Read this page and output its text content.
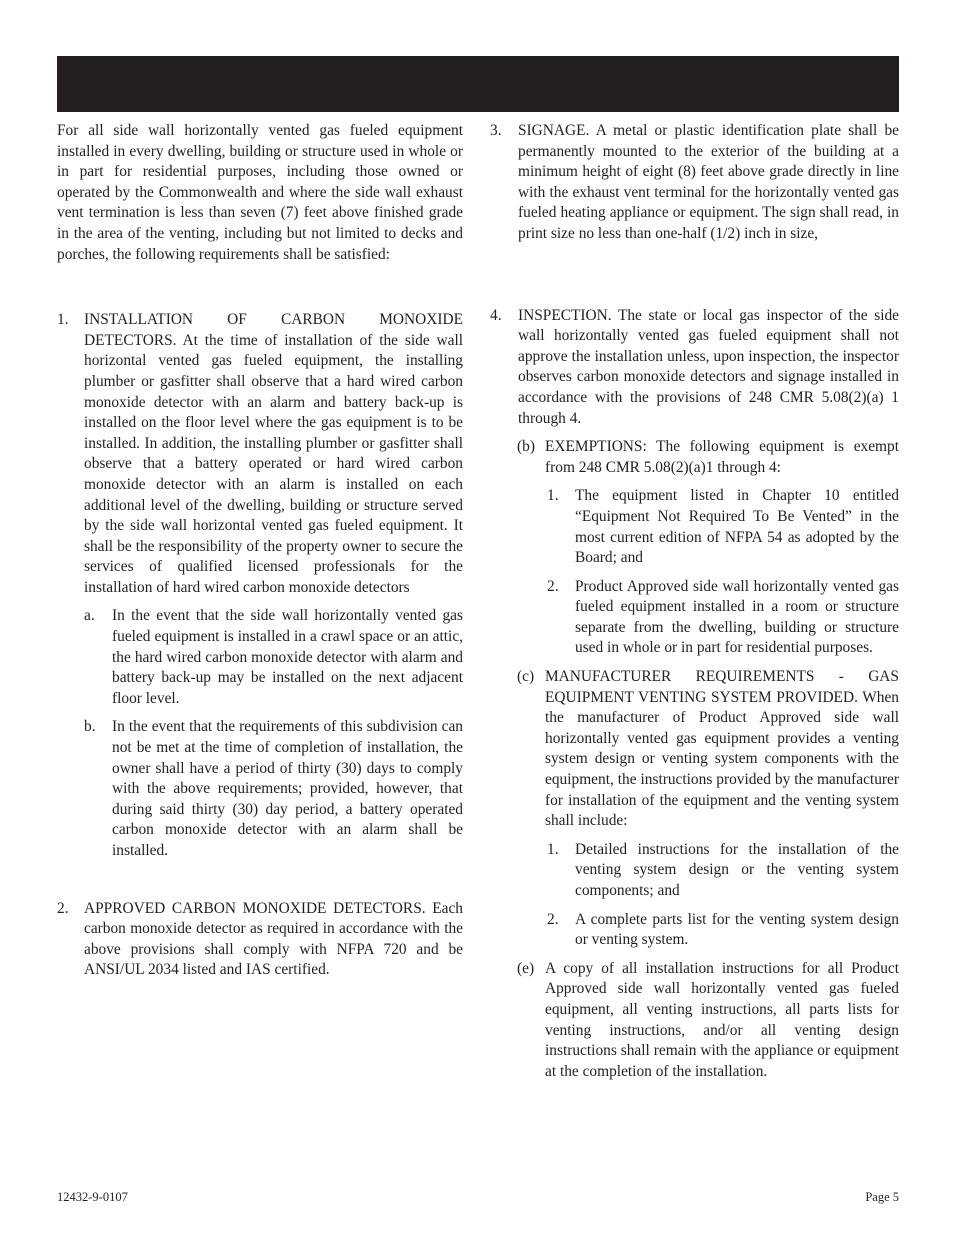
For all side wall horizontally vented gas fueled equipment installed in every dwelling, building or structure used in whole or in part for residential purposes, including those owned or operated by the Commonwealth and where the side wall exhaust vent termination is less than seven (7) feet above finished grade in the area of the venting, including but not limited to decks and porches, the following requirements shall be satisfied:

1. INSTALLATION OF CARBON MONOXIDE DETECTORS. At the time of installation of the side wall horizontal vented gas fueled equipment, the installing plumber or gasfitter shall observe that a hard wired carbon monoxide detector with an alarm and battery back-up is installed on the floor level where the gas equipment is to be installed. In addition, the installing plumber or gasfitter shall observe that a battery operated or hard wired carbon monoxide detector with an alarm is installed on each additional level of the dwelling, building or structure served by the side wall horizontal vented gas fueled equipment. It shall be the responsibility of the property owner to secure the services of qualified licensed professionals for the installation of hard wired carbon monoxide detectors

a. In the event that the side wall horizontally vented gas fueled equipment is installed in a crawl space or an attic, the hard wired carbon monoxide detector with alarm and battery back-up may be installed on the next adjacent floor level.

b. In the event that the requirements of this subdivision can not be met at the time of completion of installation, the owner shall have a period of thirty (30) days to comply with the above requirements; provided, however, that during said thirty (30) day period, a battery operated carbon monoxide detector with an alarm shall be installed.

2. APPROVED CARBON MONOXIDE DETECTORS. Each carbon monoxide detector as required in accordance with the above provisions shall comply with NFPA 720 and be ANSI/UL 2034 listed and IAS certified.

3. SIGNAGE. A metal or plastic identification plate shall be permanently mounted to the exterior of the building at a minimum height of eight (8) feet above grade directly in line with the exhaust vent terminal for the horizontally vented gas fueled heating appliance or equipment. The sign shall read, in print size no less than one-half (1/2) inch in size,

4. INSPECTION. The state or local gas inspector of the side wall horizontally vented gas fueled equipment shall not approve the installation unless, upon inspection, the inspector observes carbon monoxide detectors and signage installed in accordance with the provisions of 248 CMR 5.08(2)(a) 1 through 4.

(b) EXEMPTIONS: The following equipment is exempt from 248 CMR 5.08(2)(a)1 through 4:

1. The equipment listed in Chapter 10 entitled “Equipment Not Required To Be Vented” in the most current edition of NFPA 54 as adopted by the Board; and

2. Product Approved side wall horizontally vented gas fueled equipment installed in a room or structure separate from the dwelling, building or structure used in whole or in part for residential purposes.

(c) MANUFACTURER REQUIREMENTS - GAS EQUIPMENT VENTING SYSTEM PROVIDED. When the manufacturer of Product Approved side wall horizontally vented gas equipment provides a venting system design or venting system components with the equipment, the instructions provided by the manufacturer for installation of the equipment and the venting system shall include:

1. Detailed instructions for the installation of the venting system design or the venting system components; and

2. A complete parts list for the venting system design or venting system.

(e) A copy of all installation instructions for all Product Approved side wall horizontally vented gas fueled equipment, all venting instructions, all parts lists for venting instructions, and/or all venting design instructions shall remain with the appliance or equipment at the completion of the installation.

12432-9-0107	Page 5
